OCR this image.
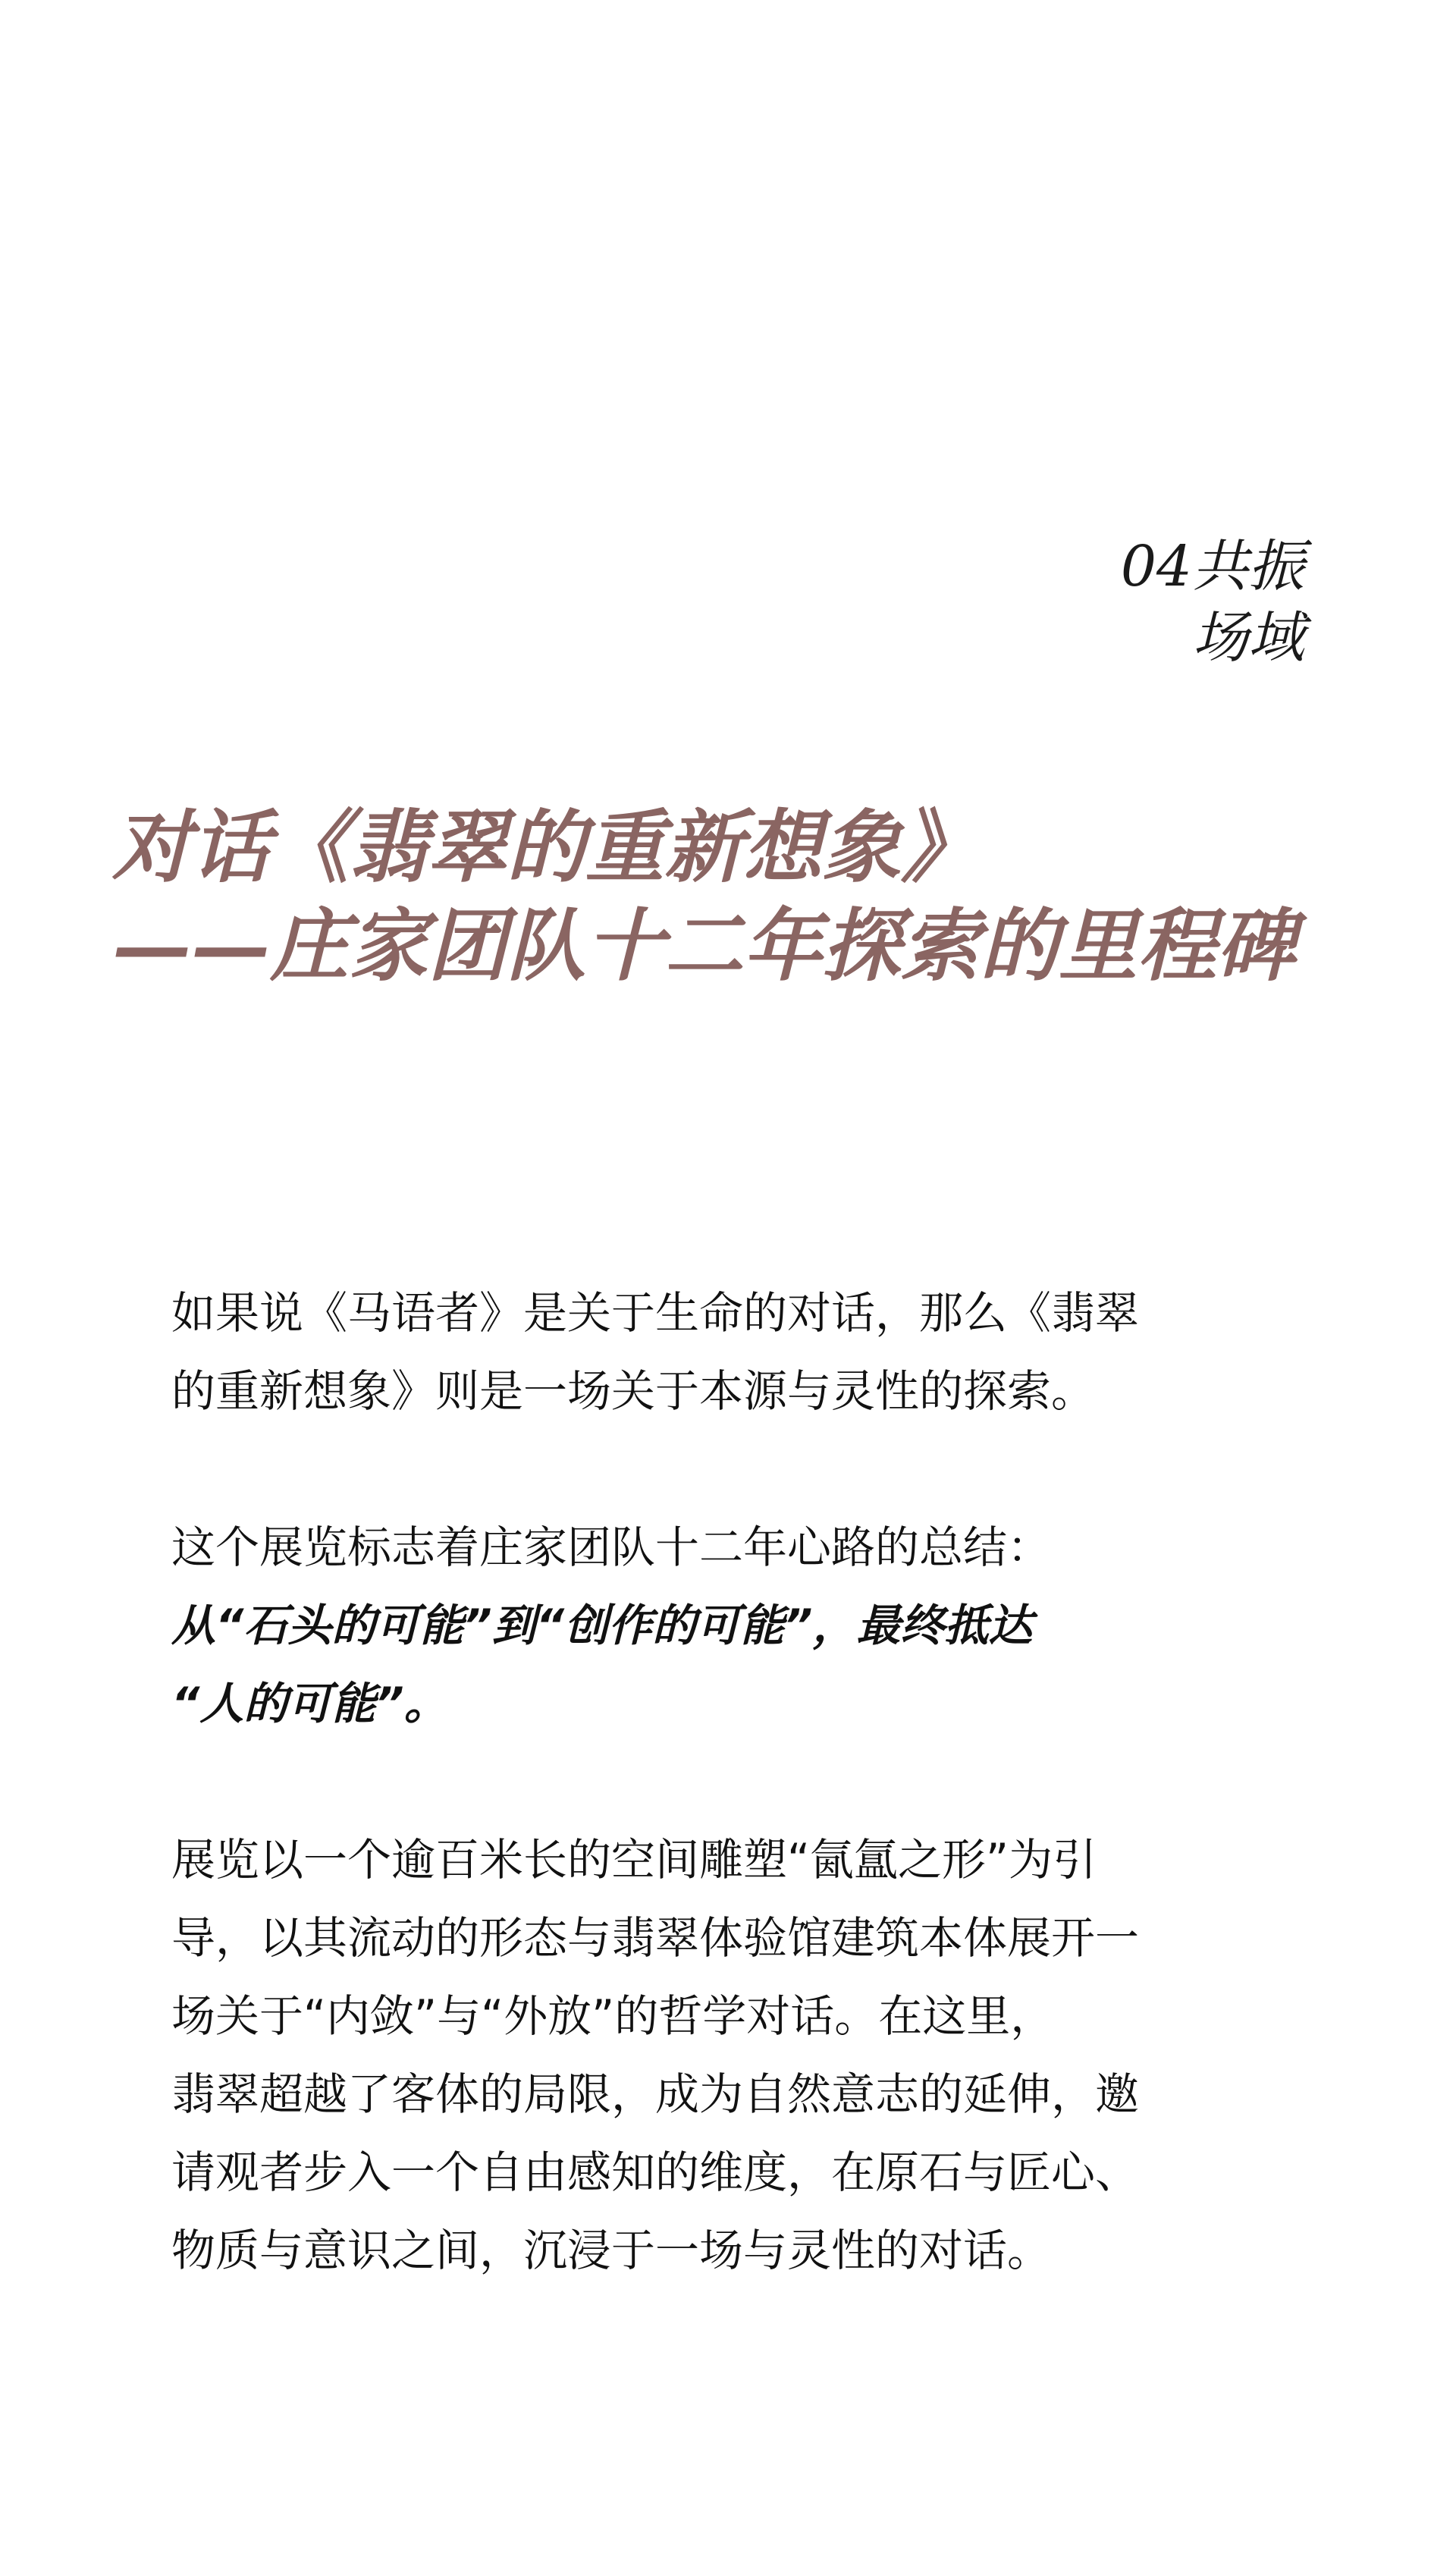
04共振
场域
对话《翡翠的重新想象》
——庄家团队十二年探索的里程碑
如果说《马语者》是关于生命的对话，那么《翡翠
的重新想象》则是一场关于本源与灵性的探索。
这个展览标志着庄家团队十二年心路的总结：
从“石头的可能”到“创作的可能”，最终抵达
“人的可能”。
展览以一个逾百米长的空间雕塑“氤氲之形”为引
导，以其流动的形态与翡翠体验馆建筑本体展开一
场关于“内敛”与“外放”的哲学对话。在这里，
翡翠超越了客体的局限，成为自然意志的延伸，邀
请观者步入一个自由感知的维度，在原石与匠心、
物质与意识之间，沉浸于一场与灵性的对话。
